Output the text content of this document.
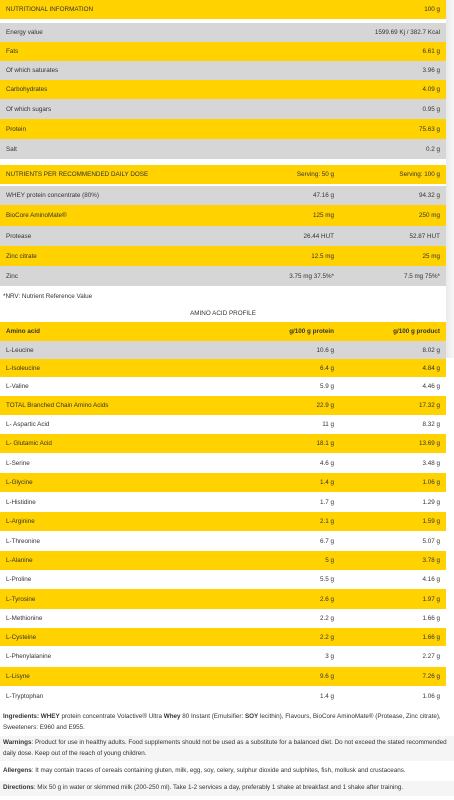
NUTRITIONAL INFORMATION	100 g
Energy value	1599.69 Kj / 382.7 Kcal
Fats	6.61 g
Of which saturates	3.96 g
Carbohydrates	4.09 g
Of which sugars	0.95 g
Protein	75.63 g
Salt	0.2 g
NUTRIENTS PER RECOMMENDED DAILY DOSE	Serving: 50 g	Serving: 100 g
WHEY protein concentrate (80%)	47.16 g	94.32 g
BioCore AminoMate®	125 mg	250 mg
Protease	26.44 HUT	52.87 HUT
Zinc citrate	12.5 mg	25 mg
Zinc	3.75 mg 37.5%*	7.5 mg 75%*
*NRV: Nutrient Reference Value
AMINO ACID PROFILE
Amino acid	g/100 g protein	g/100 g product
L-Leucine	10.6 g	8.02 g
L-Isoleucine	6.4 g	4.84 g
L-Valine	5.9 g	4.46 g
TOTAL Branched Chain Amino Acids	22.9 g	17.32 g
L- Aspartic Acid	11 g	8.32 g
L- Glutamic Acid	18.1 g	13.69 g
L-Serine	4.6 g	3.48 g
L-Glycine	1.4 g	1.06 g
L-Histidine	1.7 g	1.29 g
L-Arginine	2.1 g	1.59 g
L-Threonine	6.7 g	5.07 g
L-Alanine	5 g	3.78 g
L-Proline	5.5 g	4.16 g
L-Tyrosine	2.6 g	1.97 g
L-Methionine	2.2 g	1.66 g
L-Cysteine	2.2 g	1.66 g
L-Phenylalanine	3 g	2.27 g
L-Lisyne	9.6 g	7.26 g
L-Tryptophan	1.4 g	1.06 g
Ingredients: WHEY protein concentrate Volactive® Ultra Whey 80 Instant (Emulsifier: SOY lecithin), Flavours, BioCore AminoMate® (Protease, Zinc citrate), Sweeteners: E960 and E955.
Warnings: Product for use in healthy adults. Food supplements should not be used as a substitute for a balanced diet. Do not exceed the stated recommended daily dose. Keep out of the reach of young children.
Allergens: It may contain traces of cereals containing gluten, milk, egg, soy, celery, sulphur dioxide and sulphites, fish, mollusk and crustaceans.
Directions: Mix 50 g in water or skimmed milk (200-250 ml). Take 1-2 services a day, preferably 1 shake at breakfast and 1 shake after training.
